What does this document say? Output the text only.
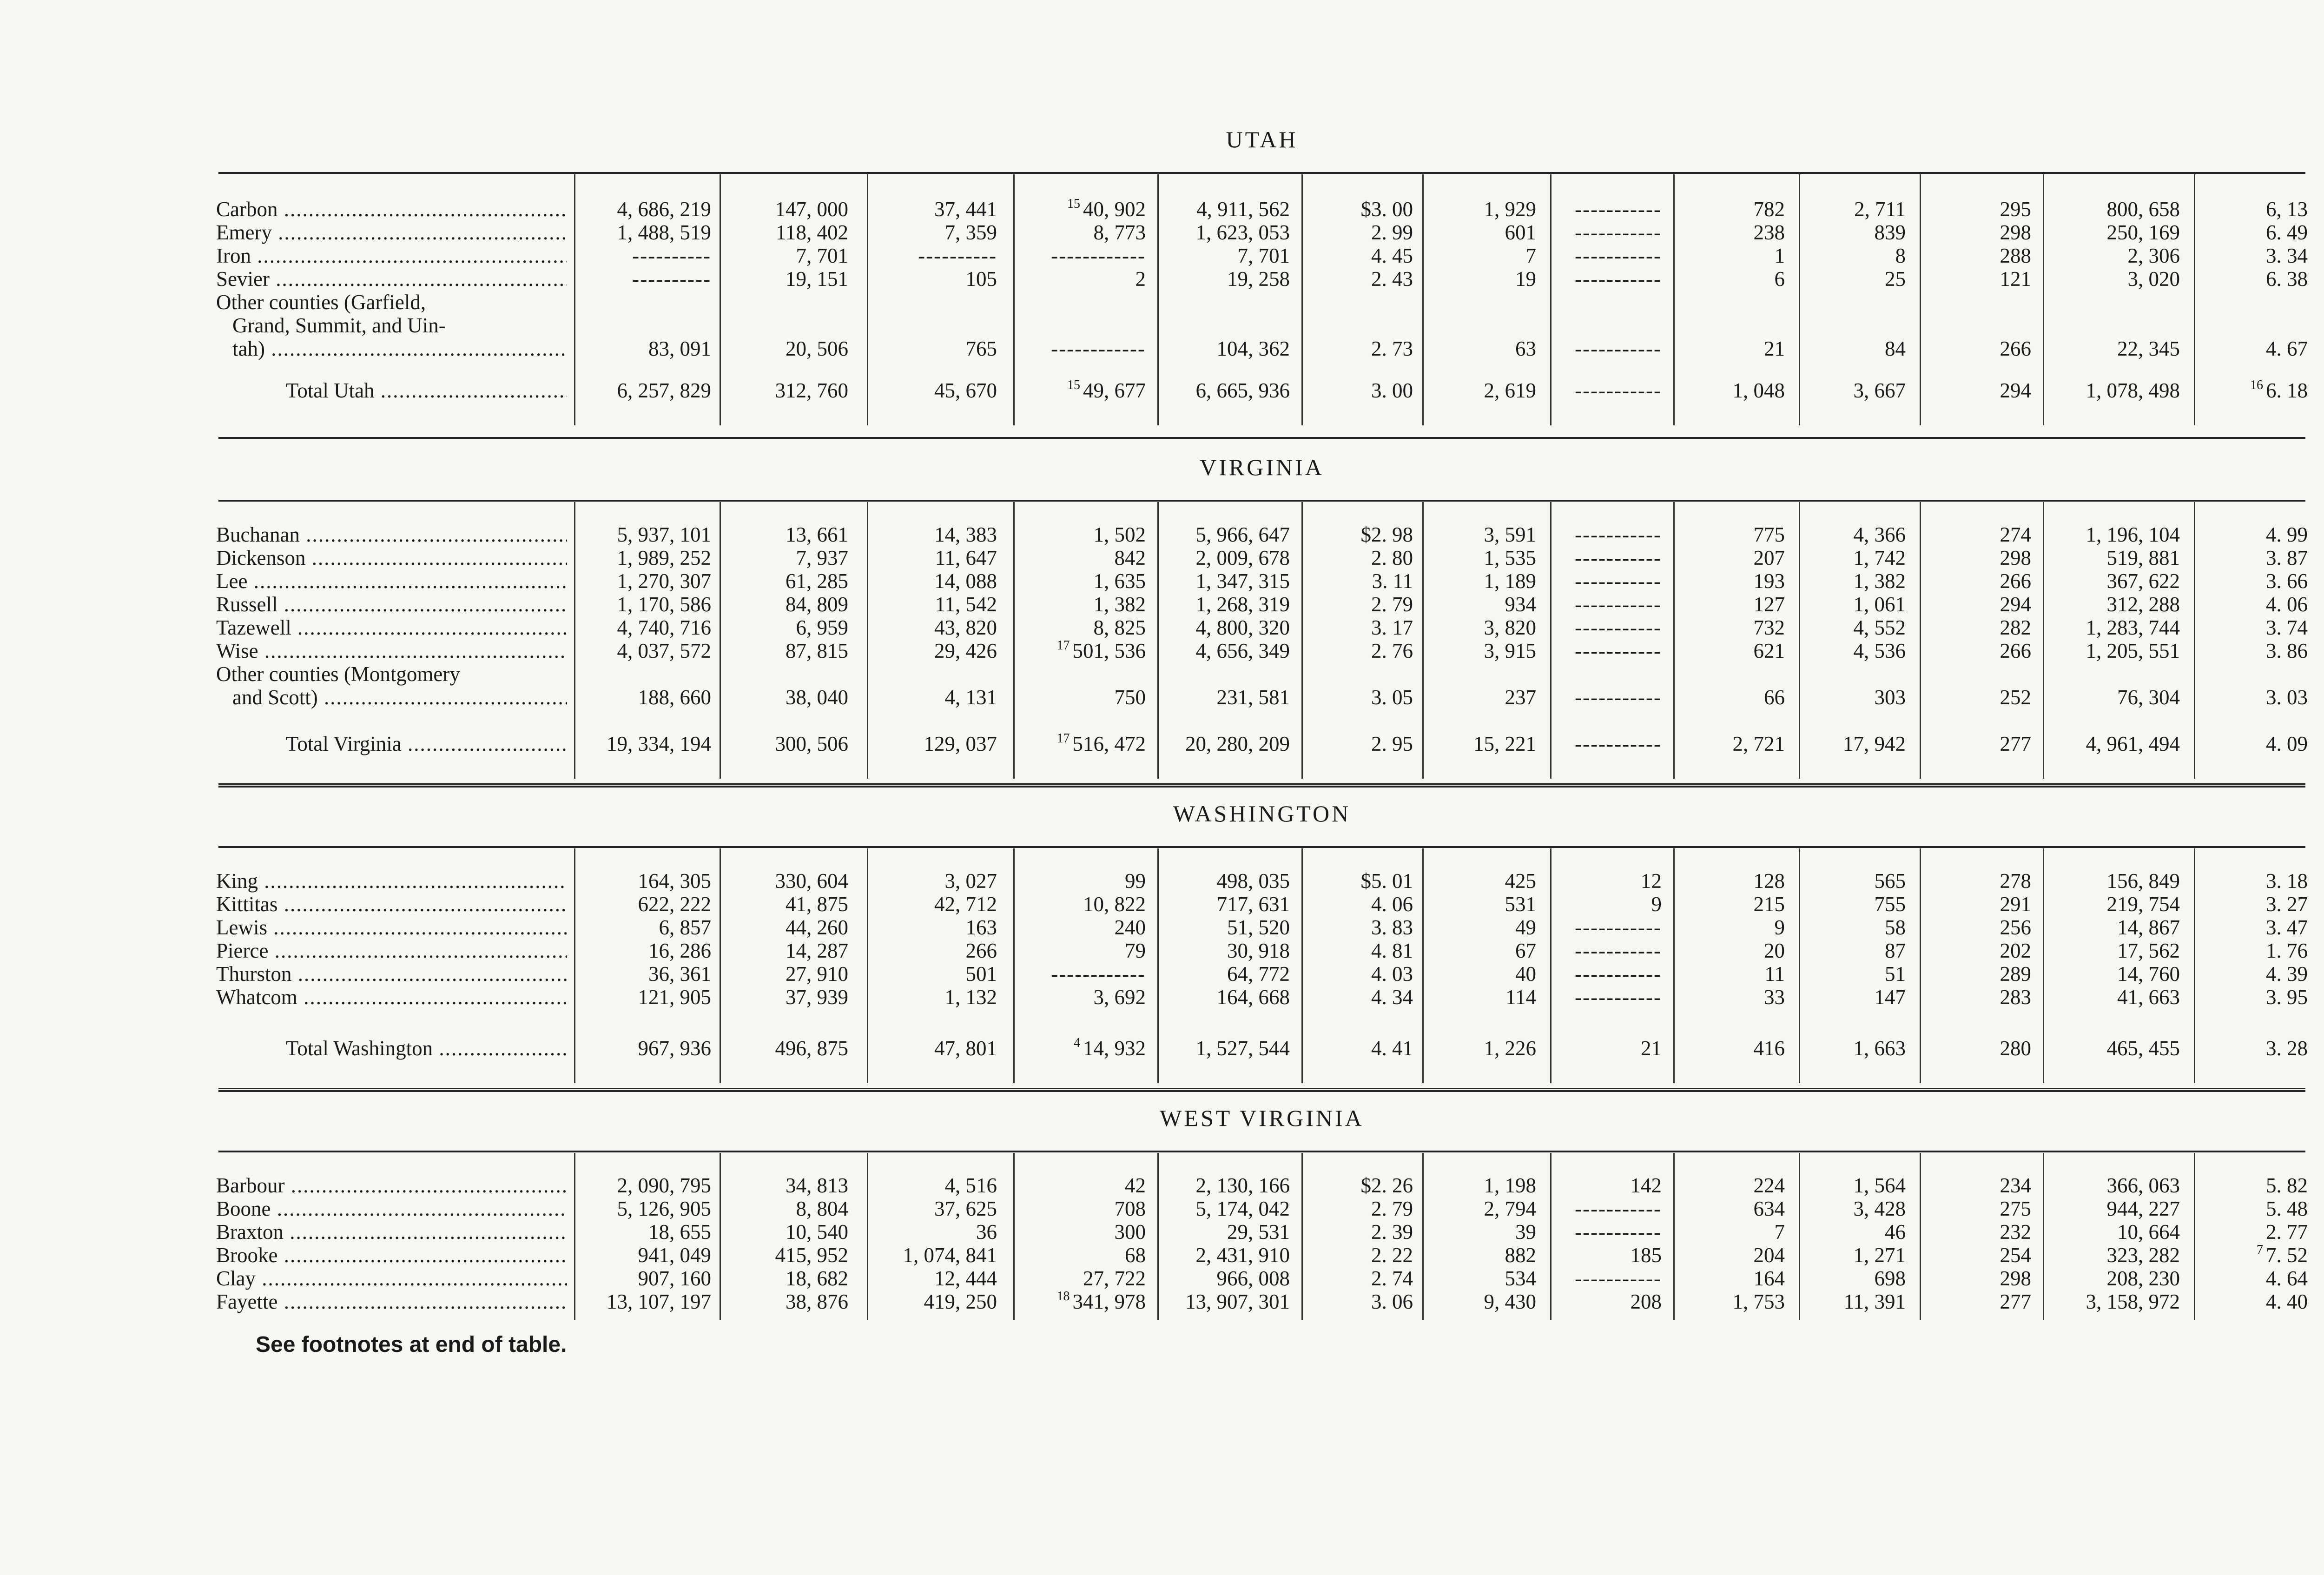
UTAH
Carbon .....	4, 686, 219	147, 000	37, 441	$^{15}$ 40, 902	4, 911, 562	$3. 00	1, 929	-----------	782	2, 711	295	800, 658	6, 13
Emery .....	1, 488, 519	118, 402	7, 359	8, 773	1, 623, 053	2. 99	601	-----------	238	839	298	250, 169	6. 49
Iron .....	----------	7, 701	----------	------------	7, 701	4. 45	7	-----------	1	8	288	2, 306	3. 34
Sevier .....	----------	19, 151	105	2	19, 258	2. 43	19	-----------	6	25	121	3, 020	6. 38
Other counties (Garfield,
Grand, Summit, and Uin-
tah) .....	83, 091	20, 506	765	------------	104, 362	2. 73	63	-----------	21	84	266	22, 345	4. 67
Total Utah .....	6, 257, 829	312, 760	45, 670	$^{15}$ 49, 677	6, 665, 936	3. 00	2, 619	-----------	1, 048	3, 667	294	1, 078, 498	$^{16}$ 6. 18
VIRGINIA
Buchanan .....	5, 937, 101	13, 661	14, 383	1, 502	5, 966, 647	$2. 98	3, 591	-----------	775	4, 366	274	1, 196, 104	4. 99
Dickenson .....	1, 989, 252	7, 937	11, 647	842	2, 009, 678	2. 80	1, 535	-----------	207	1, 742	298	519, 881	3. 87
Lee .....	1, 270, 307	61, 285	14, 088	1, 635	1, 347, 315	3. 11	1, 189	-----------	193	1, 382	266	367, 622	3. 66
Russell .....	1, 170, 586	84, 809	11, 542	1, 382	1, 268, 319	2. 79	934	-----------	127	1, 061	294	312, 288	4. 06
Tazewell .....	4, 740, 716	6, 959	43, 820	8, 825	4, 800, 320	3. 17	3, 820	-----------	732	4, 552	282	1, 283, 744	3. 74
Wise .....	4, 037, 572	87, 815	29, 426	$^{17}$ 501, 536	4, 656, 349	2. 76	3, 915	-----------	621	4, 536	266	1, 205, 551	3. 86
Other counties (Montgomery
and Scott) .....	188, 660	38, 040	4, 131	750	231, 581	3. 05	237	-----------	66	303	252	76, 304	3. 03
Total Virginia .....	19, 334, 194	300, 506	129, 037	$^{17}$ 516, 472	20, 280, 209	2. 95	15, 221	-----------	2, 721	17, 942	277	4, 961, 494	4. 09
WASHINGTON
King .....	164, 305	330, 604	3, 027	99	498, 035	$5. 01	425	12	128	565	278	156, 849	3. 18
Kittitas .....	622, 222	41, 875	42, 712	10, 822	717, 631	4. 06	531	9	215	755	291	219, 754	3. 27
Lewis .....	6, 857	44, 260	163	240	51, 520	3. 83	49	-----------	9	58	256	14, 867	3. 47
Pierce .....	16, 286	14, 287	266	79	30, 918	4. 81	67	-----------	20	87	202	17, 562	1. 76
Thurston .....	36, 361	27, 910	501	------------	64, 772	4. 03	40	-----------	11	51	289	14, 760	4. 39
Whatcom .....	121, 905	37, 939	1, 132	3, 692	164, 668	4. 34	114	-----------	33	147	283	41, 663	3. 95
Total Washington .....	967, 936	496, 875	47, 801	$^4$ 14, 932	1, 527, 544	4. 41	1, 226	21	416	1, 663	280	465, 455	3. 28
WEST VIRGINIA
Barbour .....	2, 090, 795	34, 813	4, 516	42	2, 130, 166	$2. 26	1, 198	142	224	1, 564	234	366, 063	5. 82
Boone .....	5, 126, 905	8, 804	37, 625	708	5, 174, 042	2. 79	2, 794	-----------	634	3, 428	275	944, 227	5. 48
Braxton .....	18, 655	10, 540	36	300	29, 531	2. 39	39	-----------	7	46	232	10, 664	2. 77
Brooke .....	941, 049	415, 952	1, 074, 841	68	2, 431, 910	2. 22	882	185	204	1, 271	254	323, 282	$^7$ 7. 52
Clay .....	907, 160	18, 682	12, 444	27, 722	966, 008	2. 74	534	-----------	164	698	298	208, 230	4. 64
Fayette .....	13, 107, 197	38, 876	419, 250	$^{18}$ 341, 978	13, 907, 301	3. 06	9, 430	208	1, 753	11, 391	277	3, 158, 972	4. 40
See footnotes at end of table.
